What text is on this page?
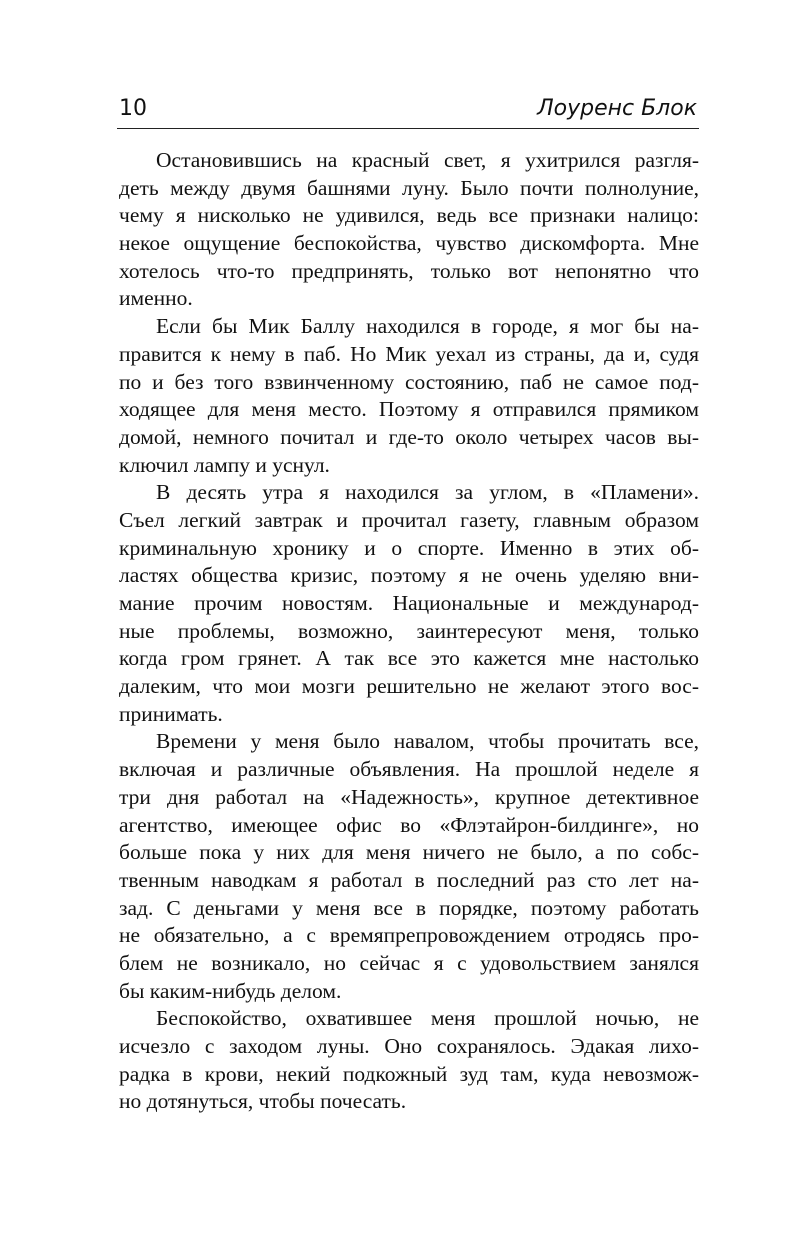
10	Лоуренс Блок
Остановившись на красный свет, я ухитрился разгля-
деть между двумя башнями луну. Было почти полнолуние,
чему я нисколько не удивился, ведь все признаки налицо:
некое ощущение беспокойства, чувство дискомфорта. Мне
хотелось что-то предпринять, только вот непонятно что
именно.
Если бы Мик Баллу находился в городе, я мог бы на-
правится к нему в паб. Но Мик уехал из страны, да и, судя
по и без того взвинченному состоянию, паб не самое под-
ходящее для меня место. Поэтому я отправился прямиком
домой, немного почитал и где-то около четырех часов вы-
ключил лампу и уснул.
В десять утра я находился за углом, в «Пламени».
Съел легкий завтрак и прочитал газету, главным образом
криминальную хронику и о спорте. Именно в этих об-
ластях общества кризис, поэтому я не очень уделяю вни-
мание прочим новостям. Национальные и международ-
ные проблемы, возможно, заинтересуют меня, только
когда гром грянет. А так все это кажется мне настолько
далеким, что мои мозги решительно не желают этого вос-
принимать.
Времени у меня было навалом, чтобы прочитать все,
включая и различные объявления. На прошлой неделе я
три дня работал на «Надежность», крупное детективное
агентство, имеющее офис во «Флэтайрон-билдинге», но
больше пока у них для меня ничего не было, а по собс-
твенным наводкам я работал в последний раз сто лет на-
зад. С деньгами у меня все в порядке, поэтому работать
не обязательно, а с времяпрепровождением отродясь про-
блем не возникало, но сейчас я с удовольствием занялся
бы каким-нибудь делом.
Беспокойство, охватившее меня прошлой ночью, не
исчезло с заходом луны. Оно сохранялось. Эдакая лихо-
радка в крови, некий подкожный зуд там, куда невозмож-
но дотянуться, чтобы почесать.
